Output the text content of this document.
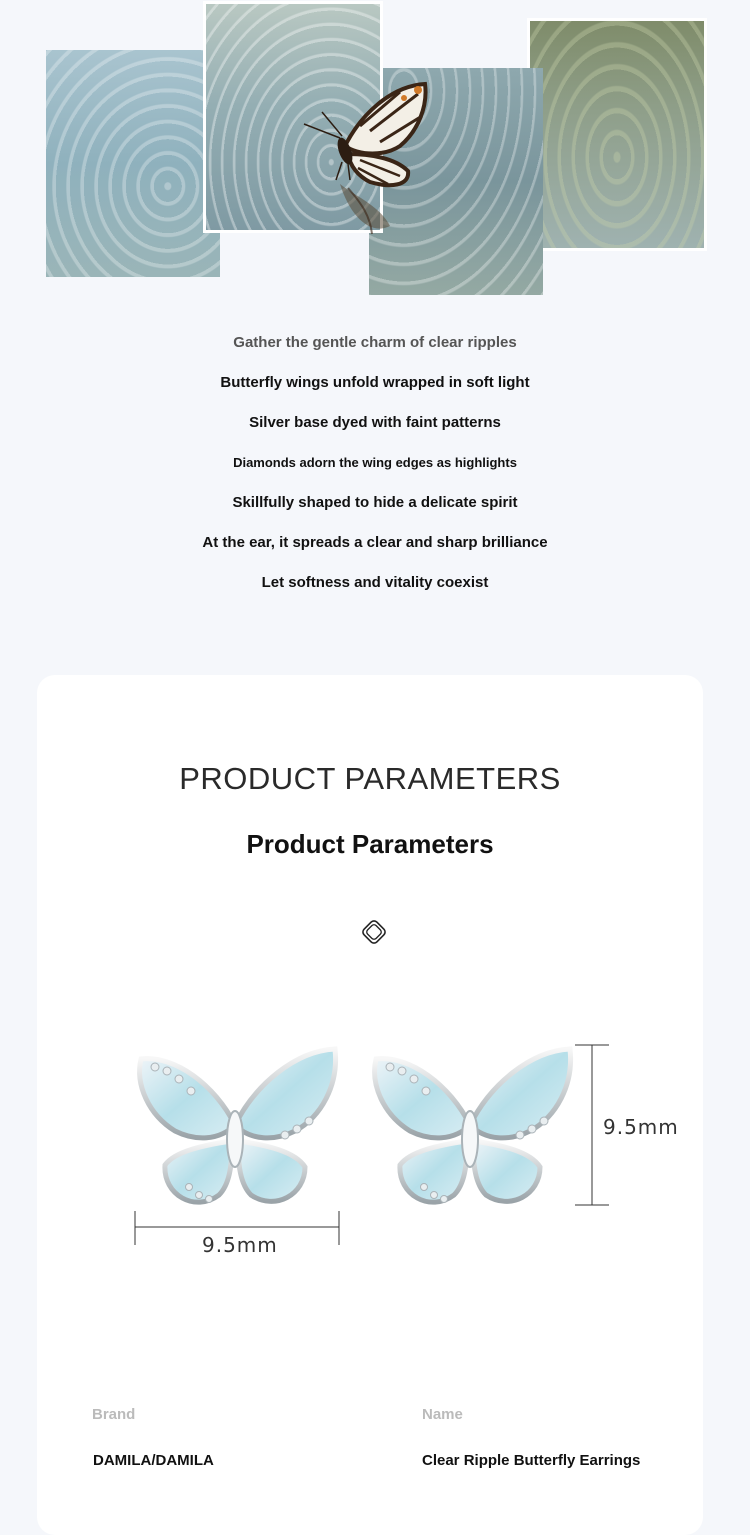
Gather the gentle charm of clear ripples

Butterfly wings unfold wrapped in soft light

Silver base dyed with faint patterns

Diamonds adorn the wing edges as highlights

Skillfully shaped to hide a delicate spirit

At the ear, it spreads a clear and sharp brilliance

Let softness and vitality coexist

PRODUCT PARAMETERS
Product Parameters
9.5mm
9.5mm
Brand
DAMILA/DAMILA
Name
Clear Ripple Butterfly Earrings
